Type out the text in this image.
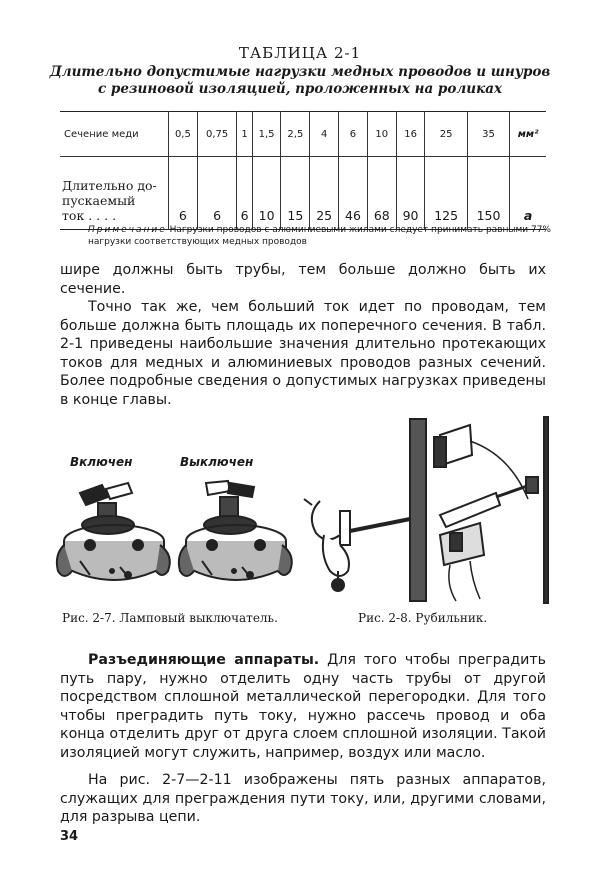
ТАБЛИЦА 2-1
Длительно допустимые нагрузки медных проводов и шнуров
с резиновой изоляцией, проложенных на роликах
Сечение меди	0,5	0,75	1	1,5	2,5	4	6	10	16	25	35	мм²

Длительно до-
пускаемый
ток . . . .	6	6	6	10	15	25	46	68	90	125	150	а
Примечание Нагрузки проводов с алюминиевыми жилами следует принимать равными 77% нагрузки соответствующих медных проводов
шире должны быть трубы, тем больше должно быть их сечение.
Точно так же, чем больший ток идет по проводам, тем больше должна быть площадь их поперечного сечения. В табл. 2-1 приведены наибольшие значения длительно протекающих токов для медных и алюминиевых проводов разных сечений. Более подробные сведения о допустимых нагрузках приведены в конце главы.
Включен	Выключен
Рис. 2-7. Ламповый выключатель.	Рис. 2-8. Рубильник.
Разъединяющие аппараты. Для того чтобы преградить путь пару, нужно отделить одну часть трубы от другой посредством сплошной металлической перегородки. Для того чтобы преградить путь току, нужно рассечь провод и оба конца отделить друг от друга слоем сплошной изоляции. Такой изоляцией могут служить, например, воздух или масло.
На рис. 2-7—2-11 изображены пять разных аппаратов, служащих для преграждения пути току, или, другими словами, для разрыва цепи.
34
